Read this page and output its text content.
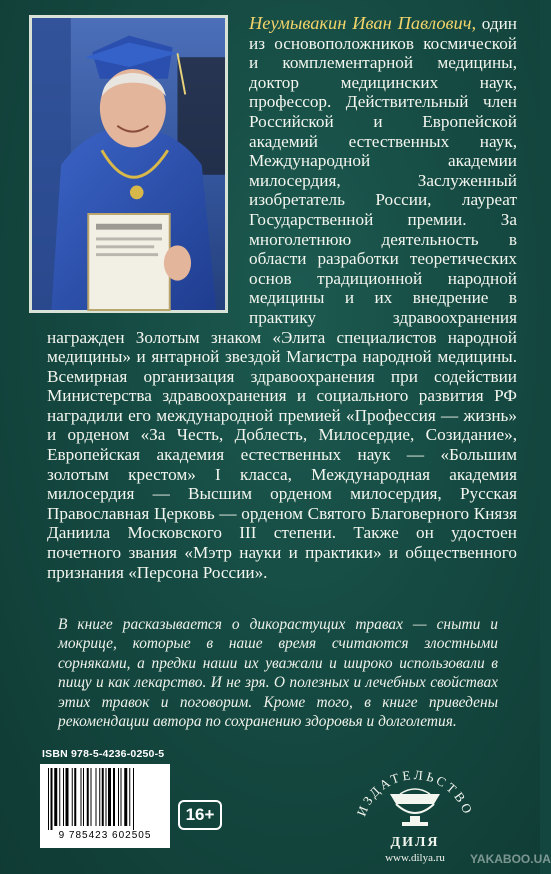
Неумывакин Иван Павлович, один из основоположников космической и комплементарной медицины, доктор медицинских наук, профессор. Действительный член Российской и Европейской академий естественных наук, Международной академии милосердия, Заслуженный изобретатель России, лауреат Государственной премии. За многолетнюю деятельность в области разработки теоретических основ традиционной народной медицины и их внедрение в практику здравоохранения награжден Золотым знаком «Элита специалистов народной медицины» и янтарной звездой Магистра народной медицины. Всемирная организация здравоохранения при содействии Министерства здравоохранения и социального развития РФ наградили его международной премией «Профессия — жизнь» и орденом «За Честь, Доблесть, Милосердие, Созидание», Европейская академия естественных наук — «Большим золотым крестом» I класса, Международная академия милосердия — Высшим орденом милосердия, Русская Православная Церковь — орденом Святого Благоверного Князя Даниила Московского III степени. Также он удостоен почетного звания «Мэтр науки и практики» и общественного признания «Персона России».

В книге расказывается о дикорастущих травах — сныти и мокрице, которые в наше время считаются злостными сорняками, а предки наши их уважали и широко использовали в пищу и как лекарство. И не зря. О полезных и лечебных свойствах этих травок и поговорим. Кроме того, в книге приведены рекомендации автора по сохранению здоровья и долголетия.
ISBN 978-5-4236-0250-5
9 785423 602505
16+	ИЗДАТЕЛЬСТВО
ДИЛЯ
www.dilya.ru	YAKABOO.UA
